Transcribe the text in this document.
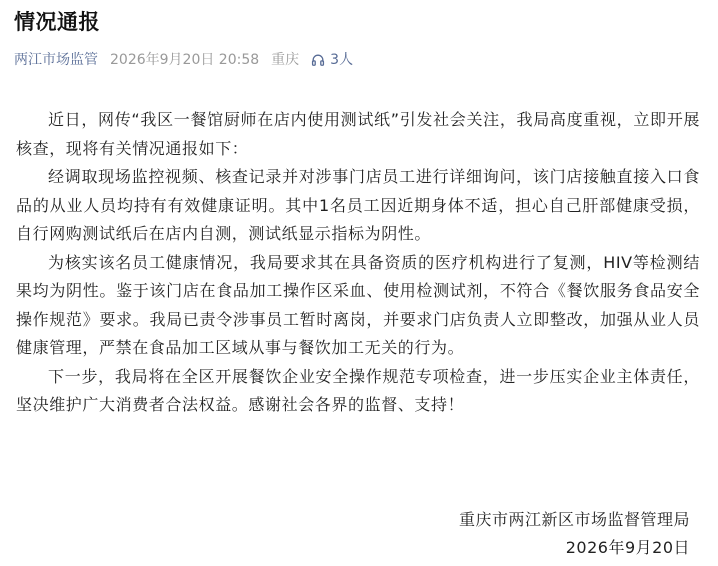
情况通报
两江市场监管 2026年9月20日 20:58 重庆 3人

近日，网传“我区一餐馆厨师在店内使用测试纸”引发社会关注，我局高度重视，立即开展核查，现将有关情况通报如下：

经调取现场监控视频、核查记录并对涉事门店员工进行详细询问，该门店接触直接入口食品的从业人员均持有有效健康证明。其中1名员工因近期身体不适，担心自己肝部健康受损，自行网购测试纸后在店内自测，测试纸显示指标为阴性。

为核实该名员工健康情况，我局要求其在具备资质的医疗机构进行了复测，HIV等检测结果均为阴性。鉴于该门店在食品加工操作区采血、使用检测试剂，不符合《餐饮服务食品安全操作规范》要求。我局已责令涉事员工暂时离岗，并要求门店负责人立即整改，加强从业人员健康管理，严禁在食品加工区域从事与餐饮加工无关的行为。

下一步，我局将在全区开展餐饮企业安全操作规范专项检查，进一步压实企业主体责任，坚决维护广大消费者合法权益。感谢社会各界的监督、支持！

重庆市两江新区市场监督管理局
2026年9月20日
